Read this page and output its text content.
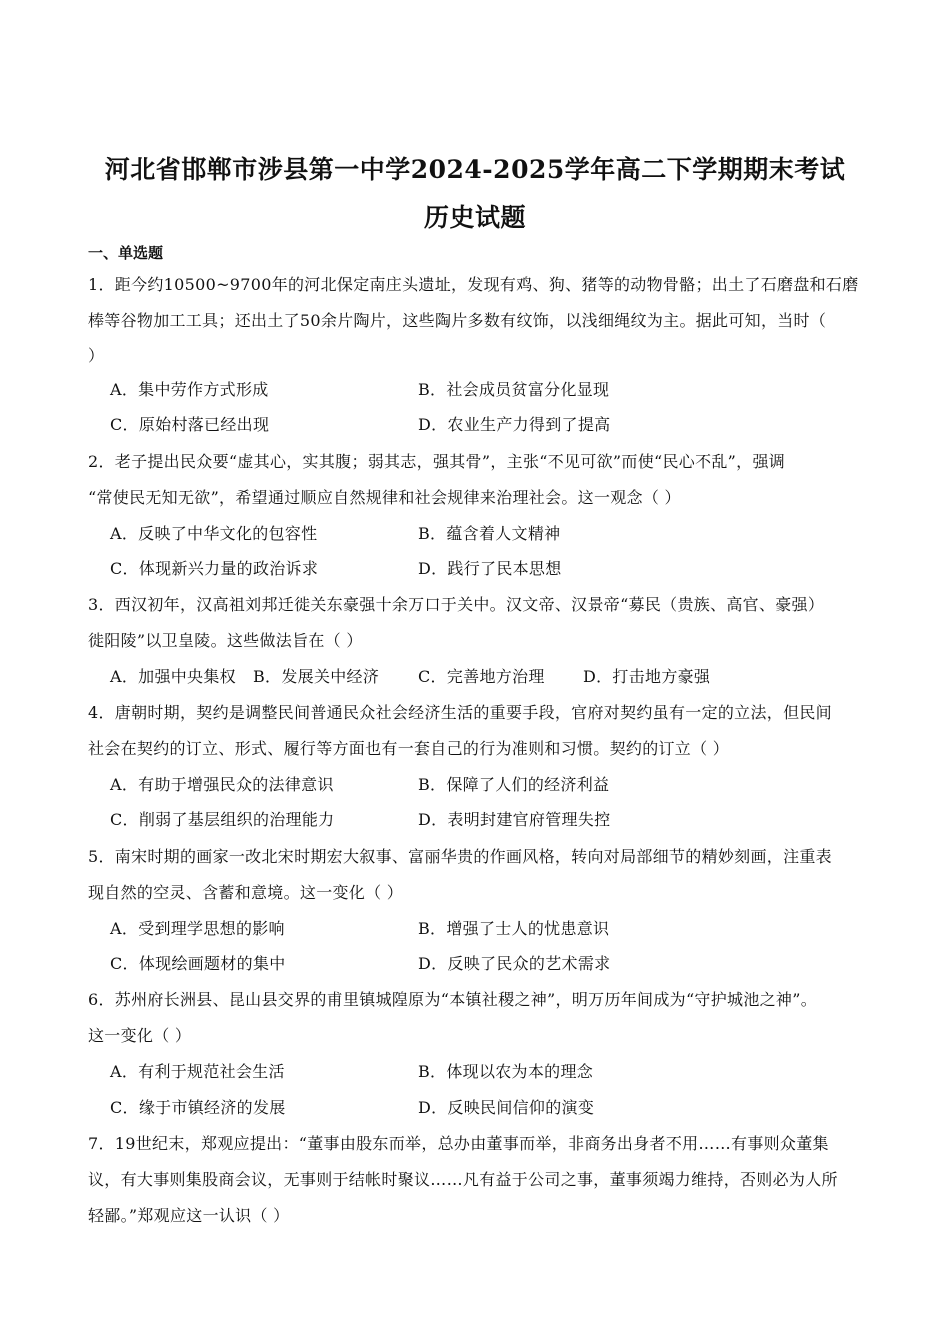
河北省邯郸市涉县第一中学2024-2025学年高二下学期期末考试
历史试题
一、单选题
1．距今约10500~9700年的河北保定南庄头遗址，发现有鸡、狗、猪等的动物骨骼；出土了石磨盘和石磨
棒等谷物加工工具；还出土了50余片陶片，这些陶片多数有纹饰，以浅细绳纹为主。据此可知，当时（
）
A．集中劳作方式形成	B．社会成员贫富分化显现
C．原始村落已经出现	D．农业生产力得到了提高
2．老子提出民众要“虚其心，实其腹；弱其志，强其骨”，主张“不见可欲”而使“民心不乱”，强调
“常使民无知无欲”，希望通过顺应自然规律和社会规律来治理社会。这一观念（ ）
A．反映了中华文化的包容性	B．蕴含着人文精神
C．体现新兴力量的政治诉求	D．践行了民本思想
3．西汉初年，汉高祖刘邦迁徙关东豪强十余万口于关中。汉文帝、汉景帝“募民（贵族、高官、豪强）
徙阳陵”以卫皇陵。这些做法旨在（ ）
A．加强中央集权 B．发展关中经济 C．完善地方治理 D．打击地方豪强
4．唐朝时期，契约是调整民间普通民众社会经济生活的重要手段，官府对契约虽有一定的立法，但民间
社会在契约的订立、形式、履行等方面也有一套自己的行为准则和习惯。契约的订立（ ）
A．有助于增强民众的法律意识	B．保障了人们的经济利益
C．削弱了基层组织的治理能力	D．表明封建官府管理失控
5．南宋时期的画家一改北宋时期宏大叙事、富丽华贵的作画风格，转向对局部细节的精妙刻画，注重表
现自然的空灵、含蓄和意境。这一变化（ ）
A．受到理学思想的影响	B．增强了士人的忧患意识
C．体现绘画题材的集中	D．反映了民众的艺术需求
6．苏州府长洲县、昆山县交界的甫里镇城隍原为“本镇社稷之神”，明万历年间成为“守护城池之神”。
这一变化（ ）
A．有利于规范社会生活	B．体现以农为本的理念
C．缘于市镇经济的发展	D．反映民间信仰的演变
7．19世纪末，郑观应提出：“董事由股东而举，总办由董事而举，非商务出身者不用……有事则众董集
议，有大事则集股商会议，无事则于结帐时聚议……凡有益于公司之事，董事须竭力维持，否则必为人所
轻鄙。”郑观应这一认识（ ）
